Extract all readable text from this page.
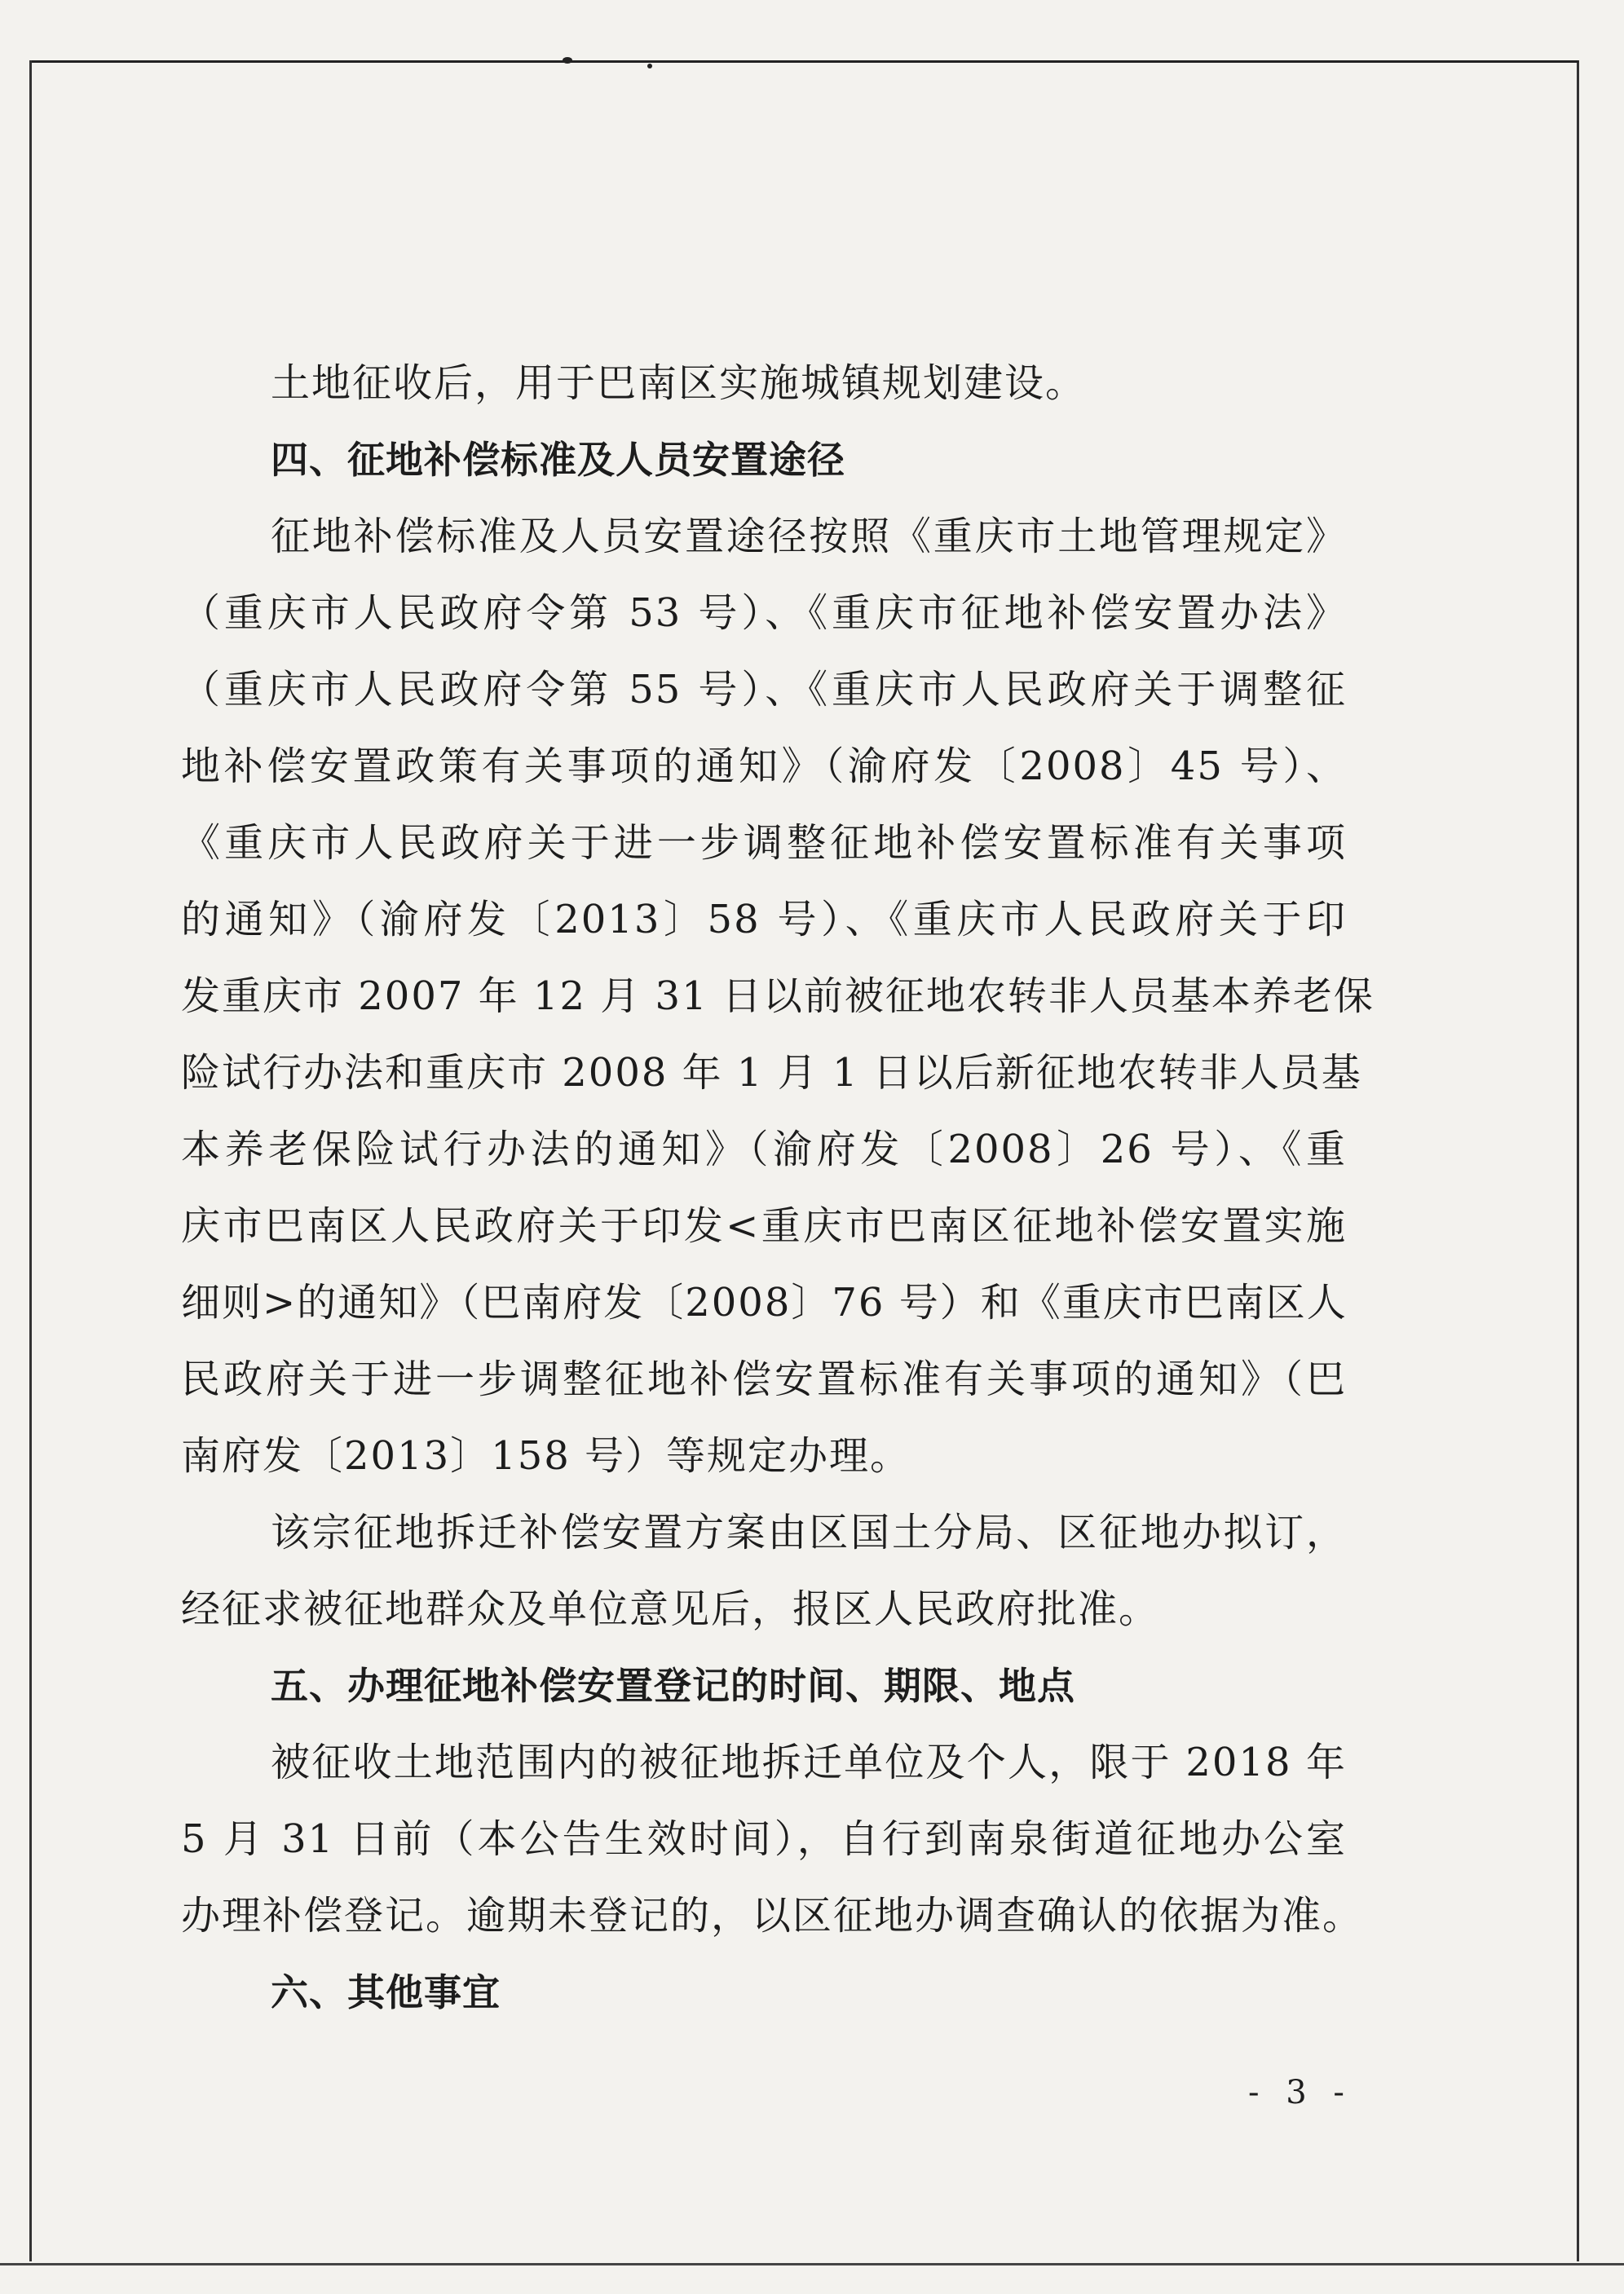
土地征收后，用于巴南区实施城镇规划建设。
四、征地补偿标准及人员安置途径
征地补偿标准及人员安置途径按照《重庆市土地管理规定》
（重庆市人民政府令第 53 号）、《重庆市征地补偿安置办法》
（重庆市人民政府令第 55 号）、《重庆市人民政府关于调整征
地补偿安置政策有关事项的通知》（渝府发〔2008〕45 号）、
《重庆市人民政府关于进一步调整征地补偿安置标准有关事项
的通知》（渝府发〔2013〕58 号）、《重庆市人民政府关于印
发重庆市 2007 年 12 月 31 日以前被征地农转非人员基本养老保
险试行办法和重庆市 2008 年 1 月 1 日以后新征地农转非人员基
本养老保险试行办法的通知》（渝府发〔2008〕26 号）、《重
庆市巴南区人民政府关于印发<重庆市巴南区征地补偿安置实施
细则>的通知》（巴南府发〔2008〕76 号）和《重庆市巴南区人
民政府关于进一步调整征地补偿安置标准有关事项的通知》（巴
南府发〔2013〕158 号）等规定办理。
该宗征地拆迁补偿安置方案由区国土分局、区征地办拟订，
经征求被征地群众及单位意见后，报区人民政府批准。
五、办理征地补偿安置登记的时间、期限、地点
被征收土地范围内的被征地拆迁单位及个人，限于 2018 年
5 月 31 日前（本公告生效时间），自行到南泉街道征地办公室
办理补偿登记。逾期未登记的，以区征地办调查确认的依据为准。
六、其他事宜
- 3 -
